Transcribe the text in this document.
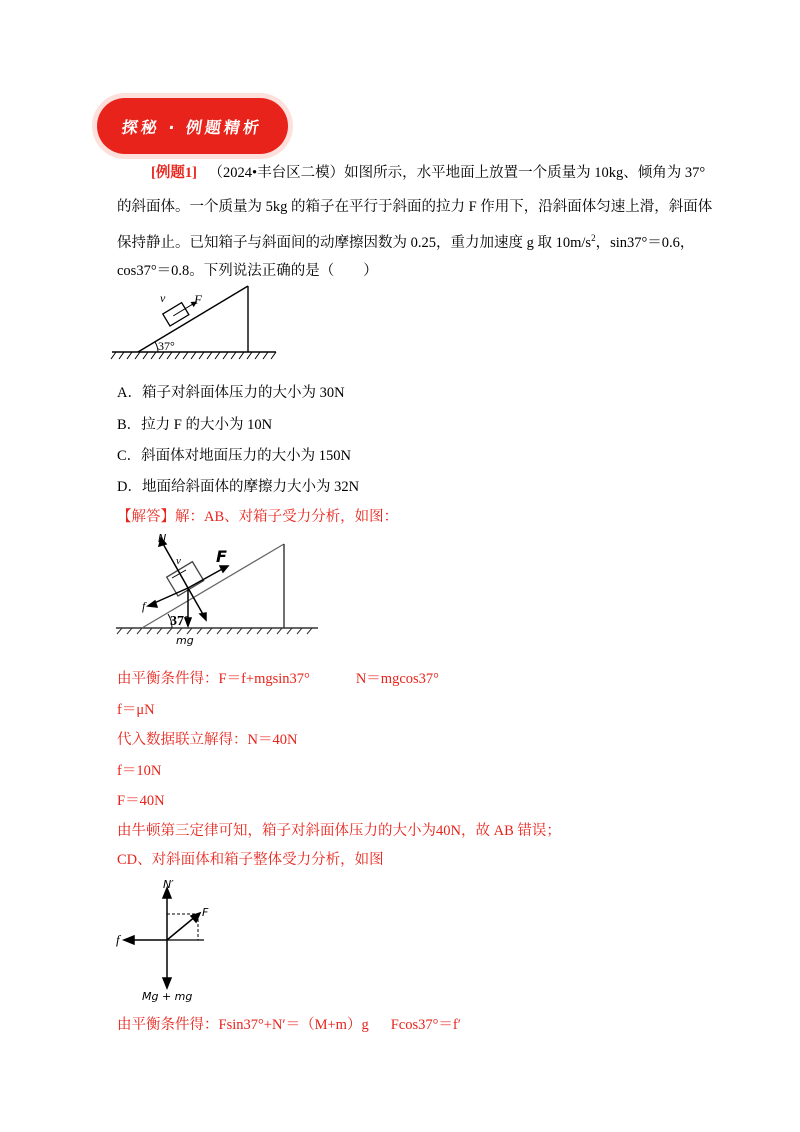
探秘 · 例题精析
[例题1] （2024•丰台区二模）如图所示，水平地面上放置一个质量为 10kg、倾角为 37°
的斜面体。一个质量为 5kg 的箱子在平行于斜面的拉力 F 作用下，沿斜面体匀速上滑，斜面体
保持静止。已知箱子与斜面间的动摩擦因数为 0.25，重力加速度 g 取 $10m/s^2$，sin37°＝0.6，
cos37°＝0.8。下列说法正确的是（　　）
v F
37°
A．箱子对斜面体压力的大小为 30N
B．拉力 F 的大小为 10N
C．斜面体对地面压力的大小为 150N
D．地面给斜面体的摩擦力大小为 32N
【解答】解：AB、对箱子受力分析，如图：
N
v F
f
37°
mg
由平衡条件得：F＝f+mgsin37°	N＝mgcos37°
f＝μN
代入数据联立解得：N＝40N
f＝10N
F＝40N
由牛顿第三定律可知，箱子对斜面体压力的大小为40N，故 AB 错误；
CD、对斜面体和箱子整体受力分析，如图
N′
F
f
Mg + mg
由平衡条件得：Fsin37°+N′＝（M+m）g Fcos37°＝f′
